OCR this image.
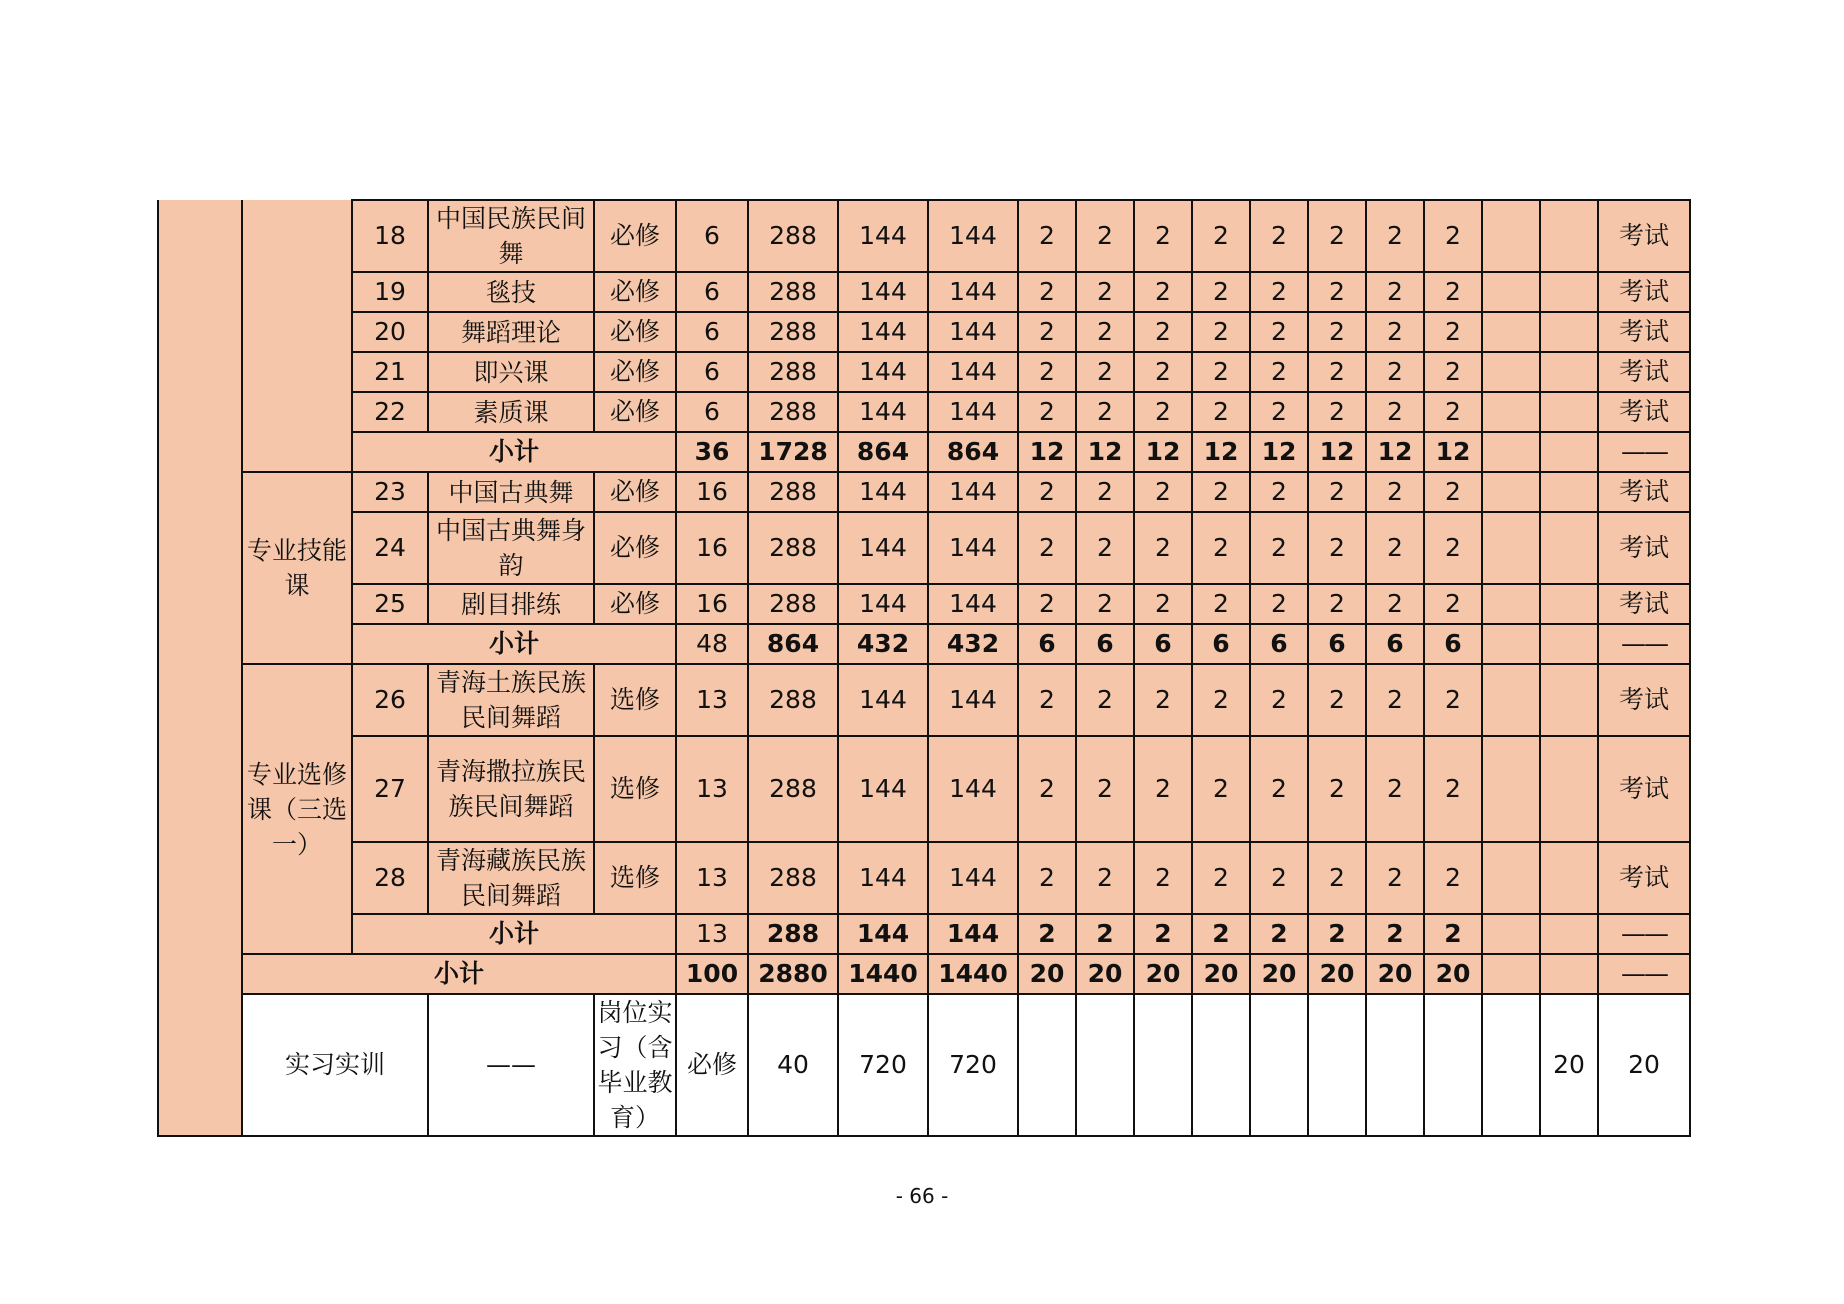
		18	中国民族民间舞	必修	6	288	144	144	2	2	2	2	2	2	2	2			考试	
		19	毯技	必修	6	288	144	144	2	2	2	2	2	2	2	2			考试	
		20	舞蹈理论	必修	6	288	144	144	2	2	2	2	2	2	2	2			考试	
		21	即兴课	必修	6	288	144	144	2	2	2	2	2	2	2	2			考试	
		22	素质课	必修	6	288	144	144	2	2	2	2	2	2	2	2			考试	
		小计			36	1728	864	864	12	12	12	12	12	12	12	12			——	
	专业技能课	23	中国古典舞	必修	16	288	144	144	2	2	2	2	2	2	2	2			考试	
		24	中国古典舞身韵	必修	16	288	144	144	2	2	2	2	2	2	2	2			考试	
		25	剧目排练	必修	16	288	144	144	2	2	2	2	2	2	2	2			考试	
		小计			48	864	432	432	6	6	6	6	6	6	6	6			——	
	专业选修课（三选一）	26	青海土族民族民间舞蹈	选修	13	288	144	144	2	2	2	2	2	2	2	2			考试	
		27	青海撒拉族民族民间舞蹈	选修	13	288	144	144	2	2	2	2	2	2	2	2			考试	
		28	青海藏族民族民间舞蹈	选修	13	288	144	144	2	2	2	2	2	2	2	2			考试	
		小计			13	288	144	144	2	2	2	2	2	2	2	2			——	
	小计				100	2880	1440	1440	20	20	20	20	20	20	20	20			——	
	实习实训		——	岗位实习（含毕业教育）	必修	40	720	720										20	20	
- 66 -
